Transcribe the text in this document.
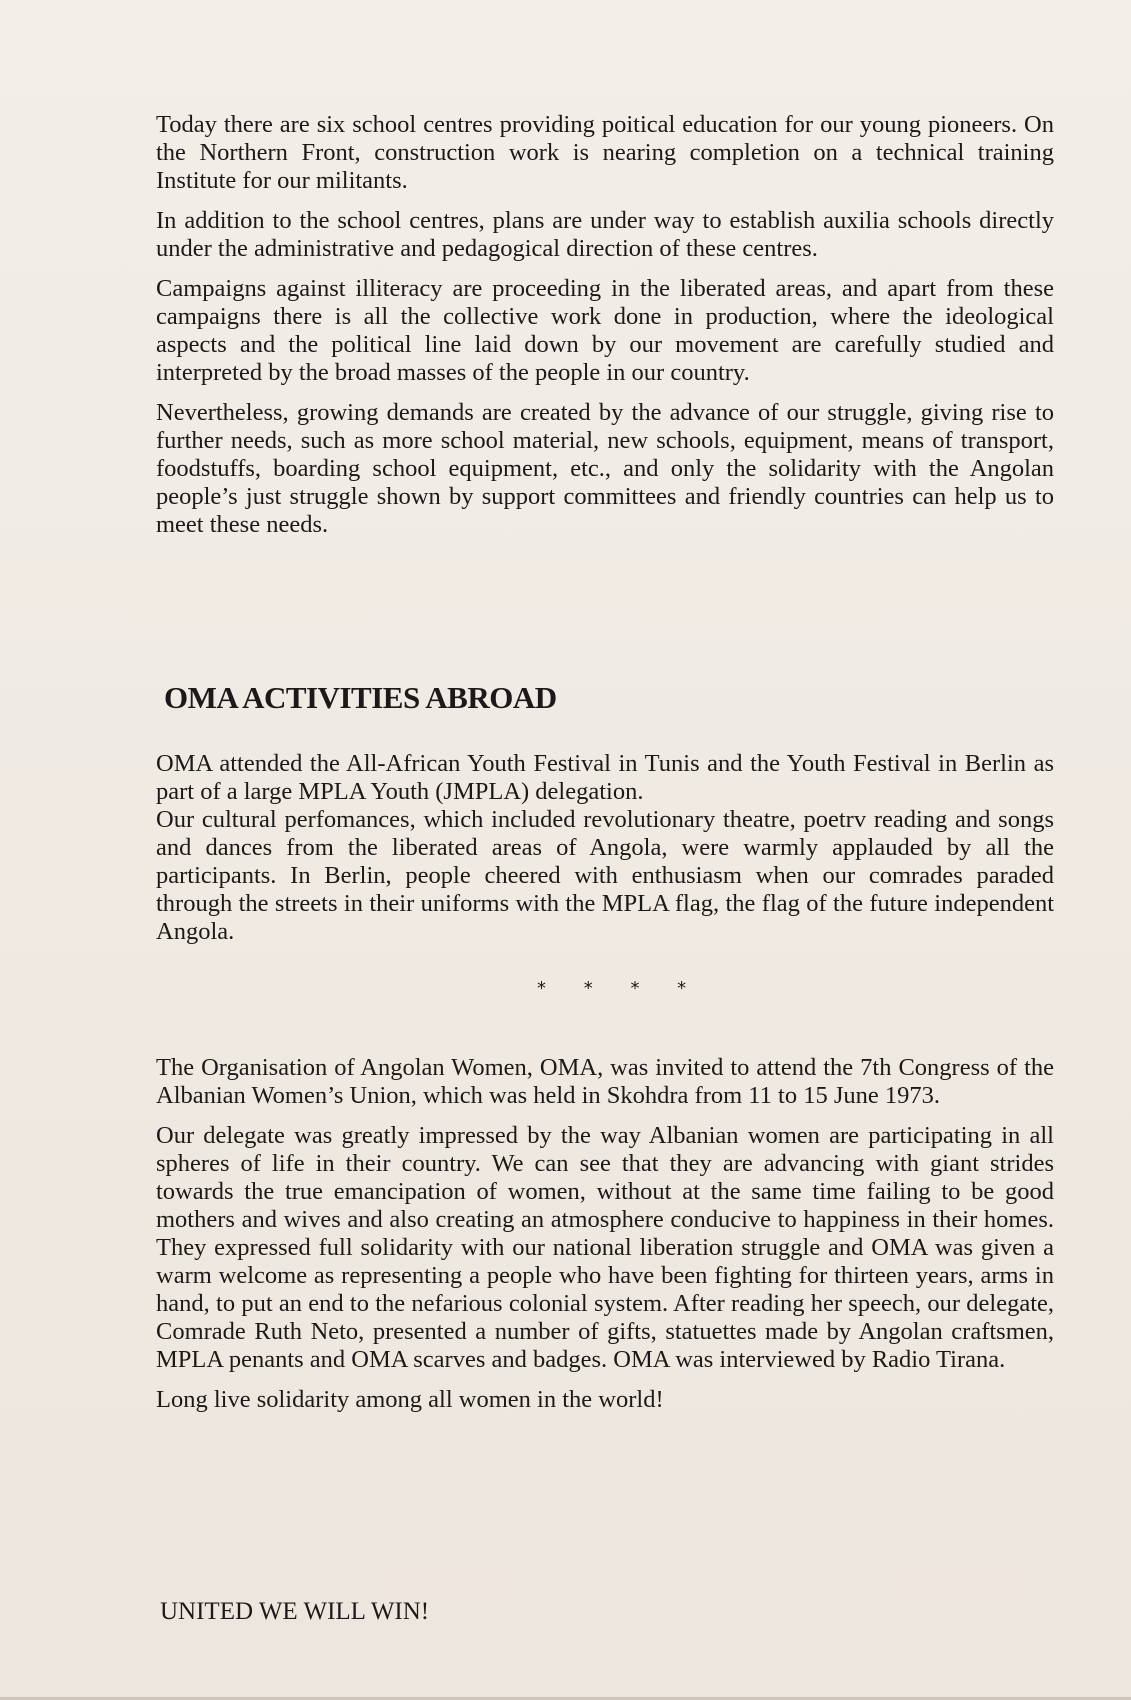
Today there are six school centres providing poitical education for our young pioneers. On the Northern Front, construction work is nearing completion on a technical training Institute for our militants.

In addition to the school centres, plans are under way to establish auxilia schools directly under the administrative and pedagogical direction of these centres.

Campaigns against illiteracy are proceeding in the liberated areas, and apart from these campaigns there is all the collective work done in production, where the ideological aspects and the political line laid down by our movement are carefully studied and interpreted by the broad masses of the people in our country.

Nevertheless, growing demands are created by the advance of our struggle, giving rise to further needs, such as more school material, new schools, equipment, means of transport, foodstuffs, boarding school equipment, etc., and only the solidarity with the Angolan people’s just struggle shown by support committees and friendly countries can help us to meet these needs.

OMA ACTIVITIES ABROAD

OMA attended the All-African Youth Festival in Tunis and the Youth Festival in Berlin as part of a large MPLA Youth (JMPLA) delegation.

Our cultural perfomances, which included revolutionary theatre, poetrv reading and songs and dances from the liberated areas of Angola, were warmly applauded by all the participants. In Berlin, people cheered with enthusiasm when our comrades paraded through the streets in their uniforms with the MPLA flag, the flag of the future independent Angola.

* * * *

The Organisation of Angolan Women, OMA, was invited to attend the 7th Congress of the Albanian Women’s Union, which was held in Skohdra from 11 to 15 June 1973.

Our delegate was greatly impressed by the way Albanian women are participating in all spheres of life in their country. We can see that they are advancing with giant strides towards the true emancipation of women, without at the same time failing to be good mothers and wives and also creating an atmosphere conducive to happiness in their homes. They expressed full solidarity with our national liberation struggle and OMA was given a warm welcome as representing a people who have been fighting for thirteen years, arms in hand, to put an end to the nefarious colonial system. After reading her speech, our delegate, Comrade Ruth Neto, presented a number of gifts, statuettes made by Angolan craftsmen, MPLA penants and OMA scarves and badges. OMA was interviewed by Radio Tirana.

Long live solidarity among all women in the world!

UNITED WE WILL WIN!
